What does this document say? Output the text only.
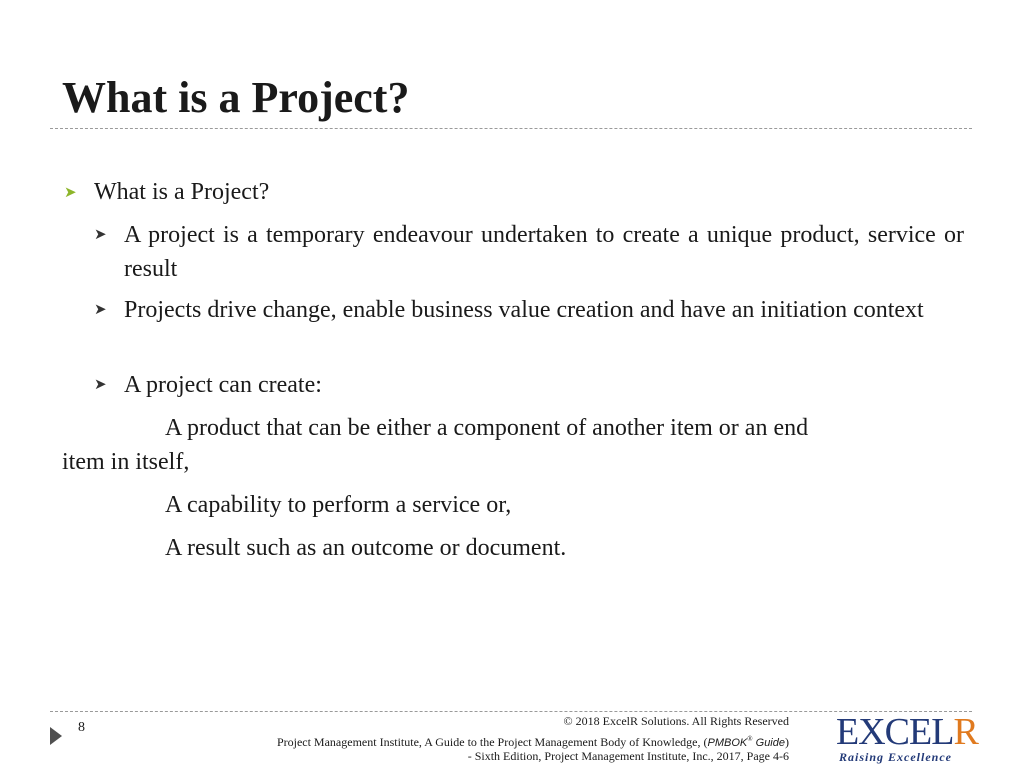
What is a Project?
➤ What is a Project?
➤ A project is a temporary endeavour undertaken to create a unique product, service or result
➤ Projects drive change, enable business value creation and have an initiation context
➤ A project can create:
A product that can be either a component of another item or an end
item in itself,
A capability to perform a service or,
A result such as an outcome or document.
8	© 2018 ExcelR Solutions. All Rights Reserved
Project Management Institute, A Guide to the Project Management Body of Knowledge, (PMBOK® Guide)
- Sixth Edition, Project Management Institute, Inc., 2017, Page 4-6
EXCELR
Raising Excellence
